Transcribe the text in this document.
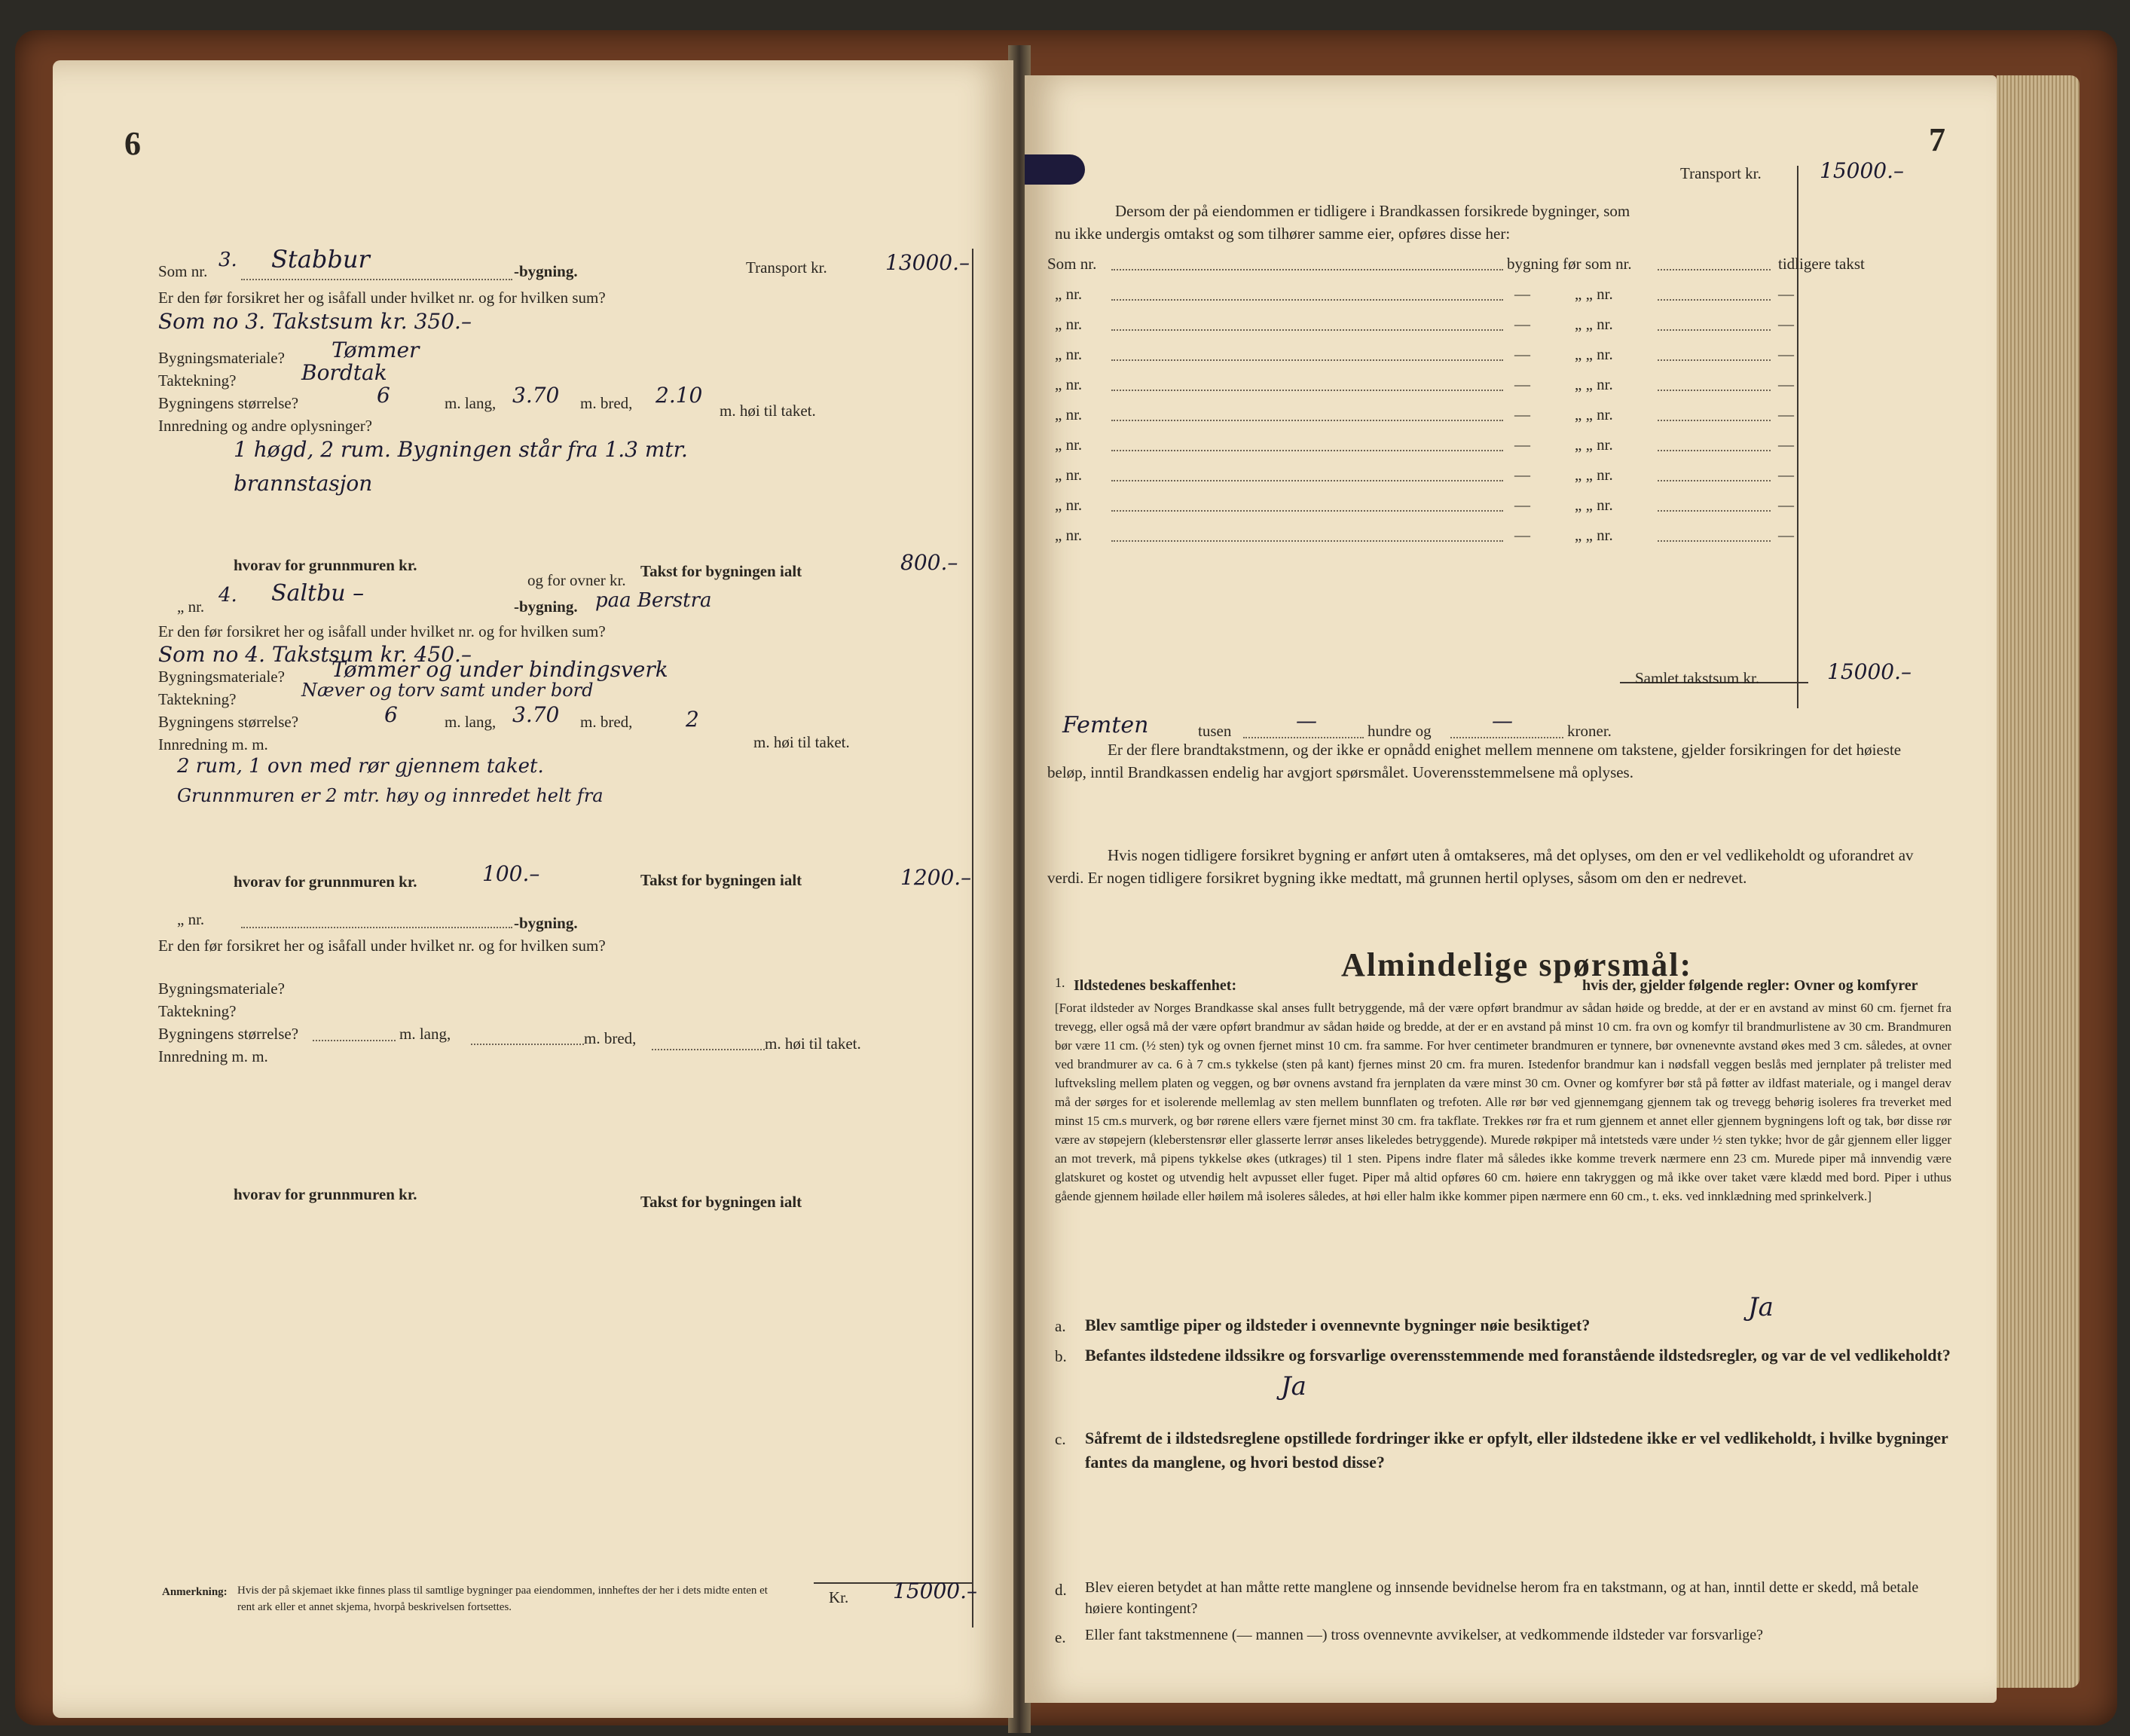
6
Transport kr.	13000.–
Som nr. 3. Stabbur	-bygning.
Er den før forsikret her og isåfall under hvilket nr. og for hvilken sum?
Som no 3. Takstsum kr. 350.–
Bygningsmateriale? Tømmer
Taktekning?	Bordtak
Bygningens størrelse?	6	m. lang, 3.70 m. bred, 2.10
m. høi til taket.
Innredning og andre oplysninger?
1 høgd, 2 rum. Bygningen står fra 1.3 mtr.
brannstasjon
hvorav for grunnmuren kr.
og for ovner kr. Takst for bygningen ialt	800.–
„ nr. 4. Saltbu –	-bygning. paa Berstra
Er den før forsikret her og isåfall under hvilket nr. og for hvilken sum?
Som no 4. Takstsum kr. 450.–
Bygningsmateriale? Tømmer og under bindingsverk
Taktekning?	Næver og torv samt under bord
Bygningens størrelse?	6	m. lang, 3.70 m. bred,	2
m. høi til taket.
Innredning m. m.
2 rum, 1 ovn med rør gjennem taket.
Grunnmuren er 2 mtr. høy og innredet helt fra
hvorav for grunnmuren kr.	100.–	Takst for bygningen ialt	1200.–
„ nr.	-bygning.
Er den før forsikret her og isåfall under hvilket nr. og for hvilken sum?
Bygningsmateriale?
Taktekning?
Bygningens størrelse?	m. lang,	m. bred,	m. høi til taket.
Innredning m. m.
hvorav for grunnmuren kr.	Takst for bygningen ialt
Kr. 15000.–
Anmerkning: Hvis der på skjemaet ikke finnes plass til samtlige bygninger paa eiendommen, innheftes der her i dets midte enten et
rent ark eller et annet skjema, hvorpå beskrivelsen fortsettes.
7
Transport kr.	15000.–
Dersom der på eiendommen er tidligere i Brandkassen forsikrede bygninger, som
nu ikke undergis omtakst og som tilhører samme eier, opføres disse her:
Som nr.	bygning før som nr.	tidligere takst
„ nr.	—	„ „ nr.	—
„ nr.	—	„ „ nr.	—
„ nr.	—	„ „ nr.	—
„ nr.	—	„ „ nr.	—
„ nr.	—	„ „ nr.	—
„ nr.	—	„ „ nr.	—
„ nr.	—	„ „ nr.	—
„ nr.	—	„ „ nr.	—
„ nr.	—	„ „ nr.	—
Samlet takstsum kr.	15000.–
Femten	tusen	—	hundre og	—	kroner.
Er der flere brandtakstmenn, og der ikke er opnådd enighet mellem mennene om takstene, gjelder forsikringen for det høieste beløp, inntil Brandkassen endelig har avgjort spørsmålet. Uoverensstemmelsene må oplyses.
Hvis nogen tidligere forsikret bygning er anført uten å omtakseres, må det oplyses, om den er vel vedlikeholdt og uforandret av verdi. Er nogen tidligere forsikret bygning ikke medtatt, må grunnen hertil oplyses, såsom om den er nedrevet.
Almindelige spørsmål:
1. Ildstedenes beskaffenhet:	hvis der, gjelder følgende regler: Ovner og komfyrer
[Forat ildsteder av Norges Brandkasse skal anses fullt betryggende, må der være opført brandmur av sådan høide og bredde, at der er en avstand av minst 60 cm. fjernet fra trevegg, eller også må der være opført brandmur av sådan høide og bredde, at der er en avstand på minst 10 cm. fra ovn og komfyr til brandmurlistene av 30 cm. Brandmuren bør være 11 cm. (½ sten) tyk og ovnen fjernet minst 10 cm. fra samme. For hver centimeter brandmuren er tynnere, bør ovnenevnte avstand økes med 3 cm. således, at ovner ved brandmurer av ca. 6 à 7 cm.s tykkelse (sten på kant) fjernes minst 20 cm. fra muren. Istedenfor brandmur kan i nødsfall veggen beslås med jernplater på trelister med luftveksling mellem platen og veggen, og bør ovnens avstand fra jernplaten da være minst 30 cm. Ovner og komfyrer bør stå på føtter av ildfast materiale, og i mangel derav må der sørges for et isolerende mellemlag av sten mellem bunnflaten og trefoten. Alle rør bør ved gjennemgang gjennem tak og trevegg behørig isoleres fra treverket med minst 15 cm.s murverk, og bør rørene ellers være fjernet minst 30 cm. fra takflate. Trekkes rør fra et rum gjennem et annet eller gjennem bygningens loft og tak, bør disse rør være av støpejern (kleberstensrør eller glasserte lerrør anses likeledes betryggende). Murede røkpiper må intetsteds være under ½ sten tykke; hvor de går gjennem eller ligger an mot treverk, må pipens tykkelse økes (utkrages) til 1 sten. Pipens indre flater må således ikke komme treverk nærmere enn 23 cm. Murede piper må innvendig være glatskuret og kostet og utvendig helt avpusset eller fuget. Piper må altid opføres 60 cm. høiere enn takryggen og må ikke over taket være klædd med bord. Piper i uthus gående gjennem høilade eller høilem må isoleres således, at høi eller halm ikke kommer pipen nærmere enn 60 cm., t. eks. ved innklædning med sprinkelverk.]
a. Blev samtlige piper og ildsteder i ovennevnte bygninger nøie besiktiget?
Ja
b. Befantes ildstedene ildssikre og forsvarlige overensstemmende med foranstående ildstedsregler, og var de vel vedlikeholdt?
Ja
c. Såfremt de i ildstedsreglene opstillede fordringer ikke er opfylt, eller ildstedene ikke er vel vedlikeholdt, i hvilke bygninger fantes da manglene, og hvori bestod disse?
d. Blev eieren betydet at han måtte rette manglene og innsende bevidnelse herom fra en takstmann, og at han, inntil dette er skedd, må betale høiere kontingent?
e. Eller fant takstmennene (— mannen —) tross ovennevnte avvikelser, at vedkommende ildsteder var forsvarlige?
